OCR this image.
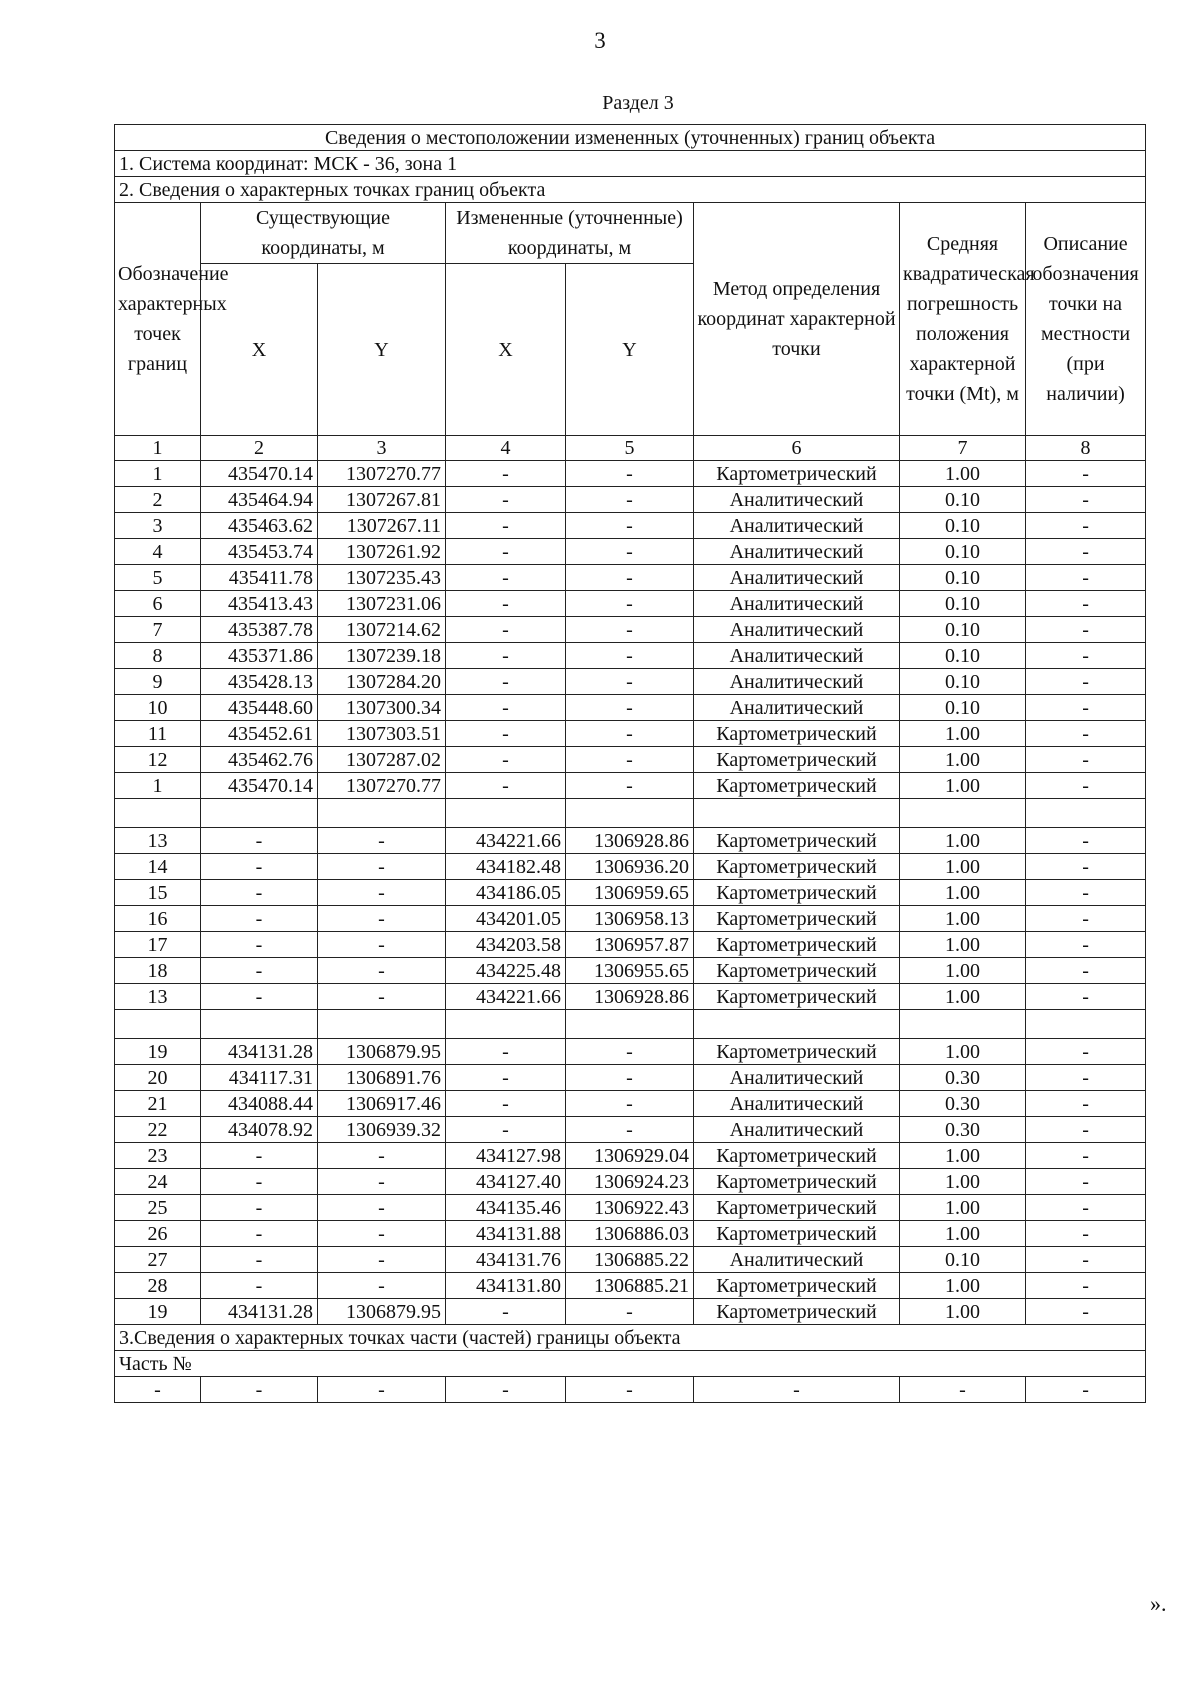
3
Раздел 3
Сведения о местоположении измененных (уточненных) границ объекта							
1. Система координат: МСК - 36, зона 1							
2. Сведения о характерных точках границ объекта							
Обозначение характерных точек границ	Существующие координаты, м		Измененные (уточненные) координаты, м		Метод определения координат характерной точки	Средняя квадратическая погрешность положения характерной точки (Mt), м	Описание обозначения точки на местности (при наличии)
	X	Y	X	Y			
1	2	3	4	5	6	7	8
1	435470.14	1307270.77	-	-	Картометрический	1.00	-
2	435464.94	1307267.81	-	-	Аналитический	0.10	-
3	435463.62	1307267.11	-	-	Аналитический	0.10	-
4	435453.74	1307261.92	-	-	Аналитический	0.10	-
5	435411.78	1307235.43	-	-	Аналитический	0.10	-
6	435413.43	1307231.06	-	-	Аналитический	0.10	-
7	435387.78	1307214.62	-	-	Аналитический	0.10	-
8	435371.86	1307239.18	-	-	Аналитический	0.10	-
9	435428.13	1307284.20	-	-	Аналитический	0.10	-
10	435448.60	1307300.34	-	-	Аналитический	0.10	-
11	435452.61	1307303.51	-	-	Картометрический	1.00	-
12	435462.76	1307287.02	-	-	Картометрический	1.00	-
1	435470.14	1307270.77	-	-	Картометрический	1.00	-

13	-	-	434221.66	1306928.86	Картометрический	1.00	-
14	-	-	434182.48	1306936.20	Картометрический	1.00	-
15	-	-	434186.05	1306959.65	Картометрический	1.00	-
16	-	-	434201.05	1306958.13	Картометрический	1.00	-
17	-	-	434203.58	1306957.87	Картометрический	1.00	-
18	-	-	434225.48	1306955.65	Картометрический	1.00	-
13	-	-	434221.66	1306928.86	Картометрический	1.00	-

19	434131.28	1306879.95	-	-	Картометрический	1.00	-
20	434117.31	1306891.76	-	-	Аналитический	0.30	-
21	434088.44	1306917.46	-	-	Аналитический	0.30	-
22	434078.92	1306939.32	-	-	Аналитический	0.30	-
23	-	-	434127.98	1306929.04	Картометрический	1.00	-
24	-	-	434127.40	1306924.23	Картометрический	1.00	-
25	-	-	434135.46	1306922.43	Картометрический	1.00	-
26	-	-	434131.88	1306886.03	Картометрический	1.00	-
27	-	-	434131.76	1306885.22	Аналитический	0.10	-
28	-	-	434131.80	1306885.21	Картометрический	1.00	-
19	434131.28	1306879.95	-	-	Картометрический	1.00	-
3.Сведения о характерных точках части (частей) границы объекта							
Часть №							
-	-	-	-	-	-	-	-
».
